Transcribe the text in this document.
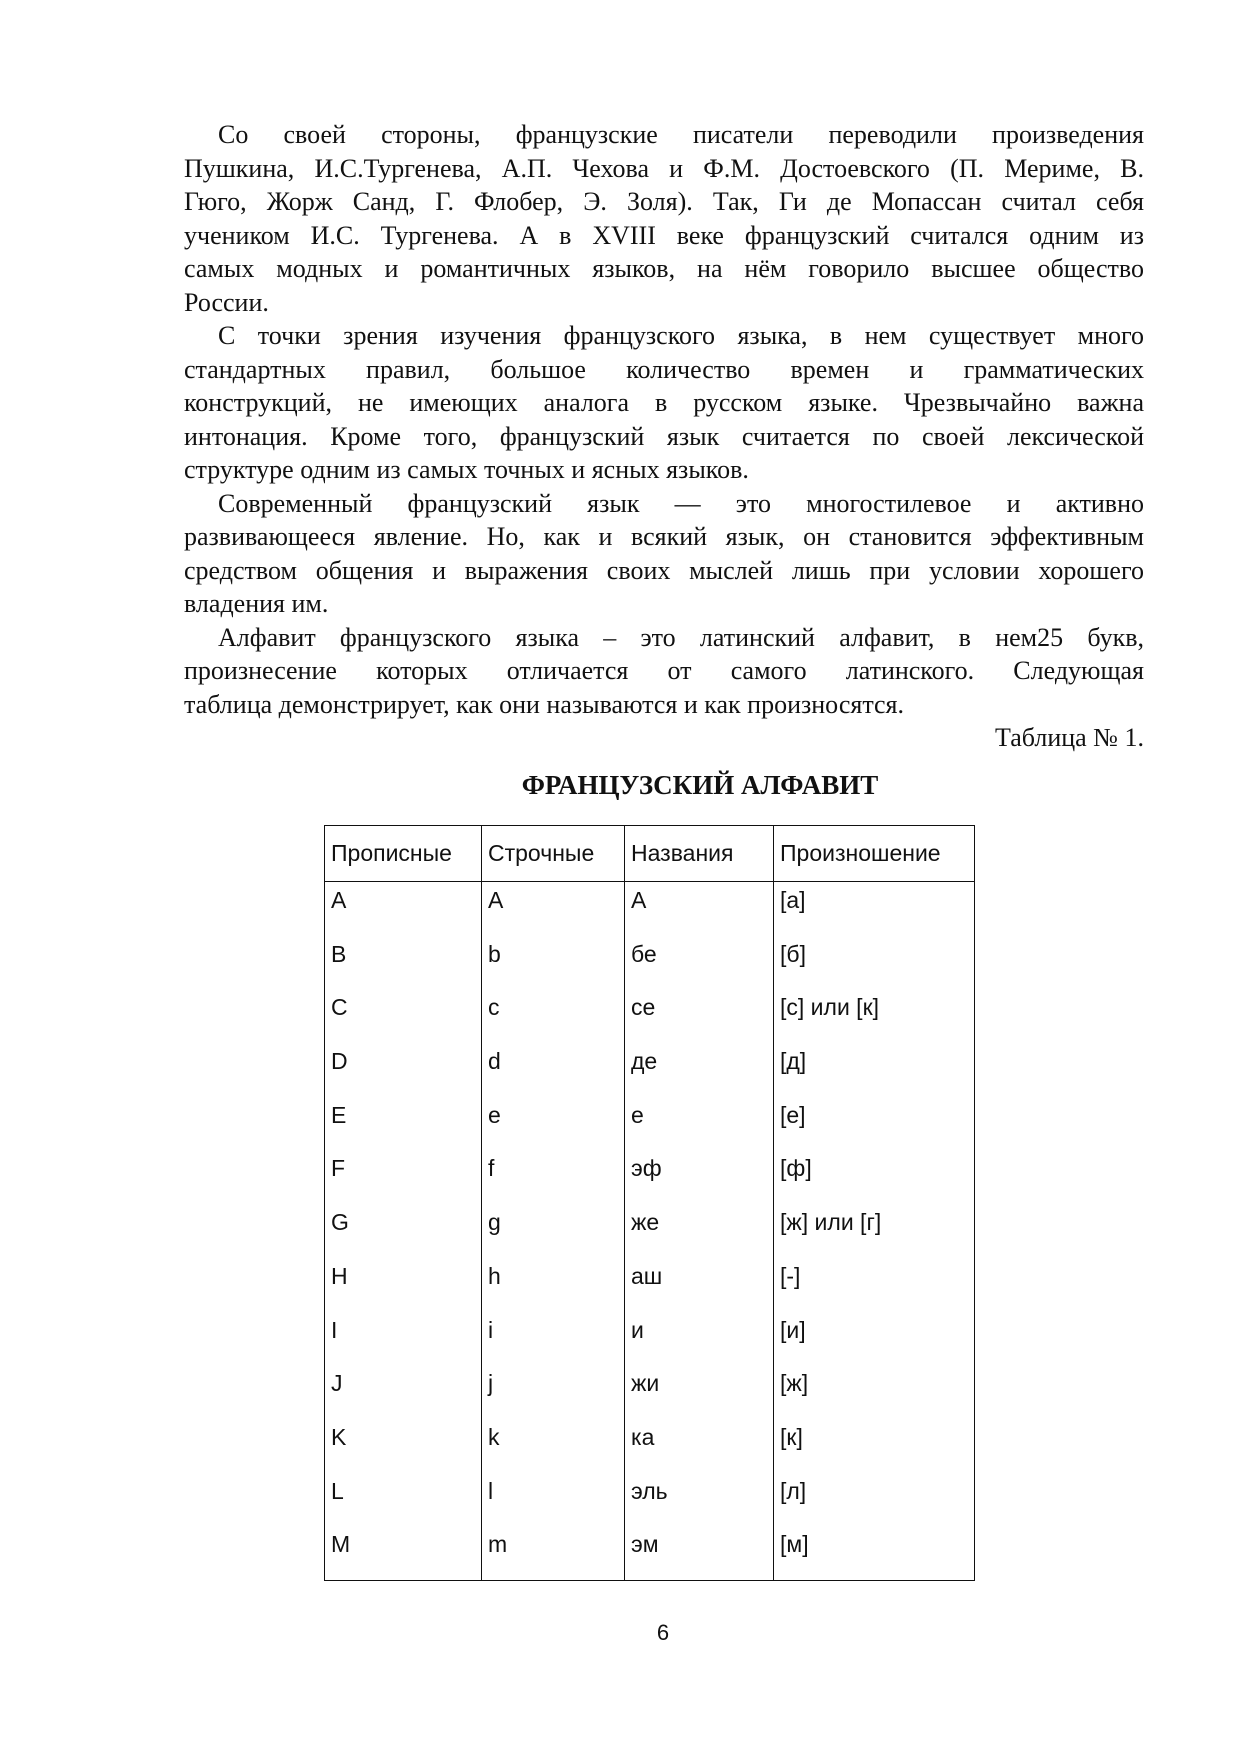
Со своей стороны, французские писатели переводили произведения
Пушкина, И.С.Тургенева, А.П. Чехова и Ф.М. Достоевского (П. Мериме, В.
Гюго, Жорж Санд, Г. Флобер, Э. Золя). Так, Ги де Мопассан считал себя
учеником И.С. Тургенева. А в XVIII веке французский считался одним из
самых модных и романтичных языков, на нём говорило высшее общество
России.
С точки зрения изучения французского языка, в нем существует много
стандартных правил, большое количество времен и грамматических
конструкций, не имеющих аналога в русском языке. Чрезвычайно важна
интонация. Кроме того, французский язык считается по своей лексической
структуре одним из самых точных и ясных языков.
Современный французский язык — это многостилевое и активно
развивающееся явление. Но, как и всякий язык, он становится эффективным
средством общения и выражения своих мыслей лишь при условии хорошего
владения им.
Алфавит французского языка – это латинский алфавит, в нем25 букв,
произнесение которых отличается от самого латинского. Следующая
таблица демонстрирует, как они называются и как произносятся.
Таблица № 1.
ФРАНЦУЗСКИЙ АЛФАВИТ
Прописные	Строчные	Названия	Произношение
A	A	A	[a]
B	b	бе	[б]
C	c	се	[с] или [к]
D	d	де	[д]
E	e	е	[е]
F	f	эф	[ф]
G	g	же	[ж] или [г]
H	h	аш	[-]
I	i	и	[и]
J	j	жи	[ж]
K	k	ка	[к]
L	l	эль	[л]
M	m	эм	[м]
6
